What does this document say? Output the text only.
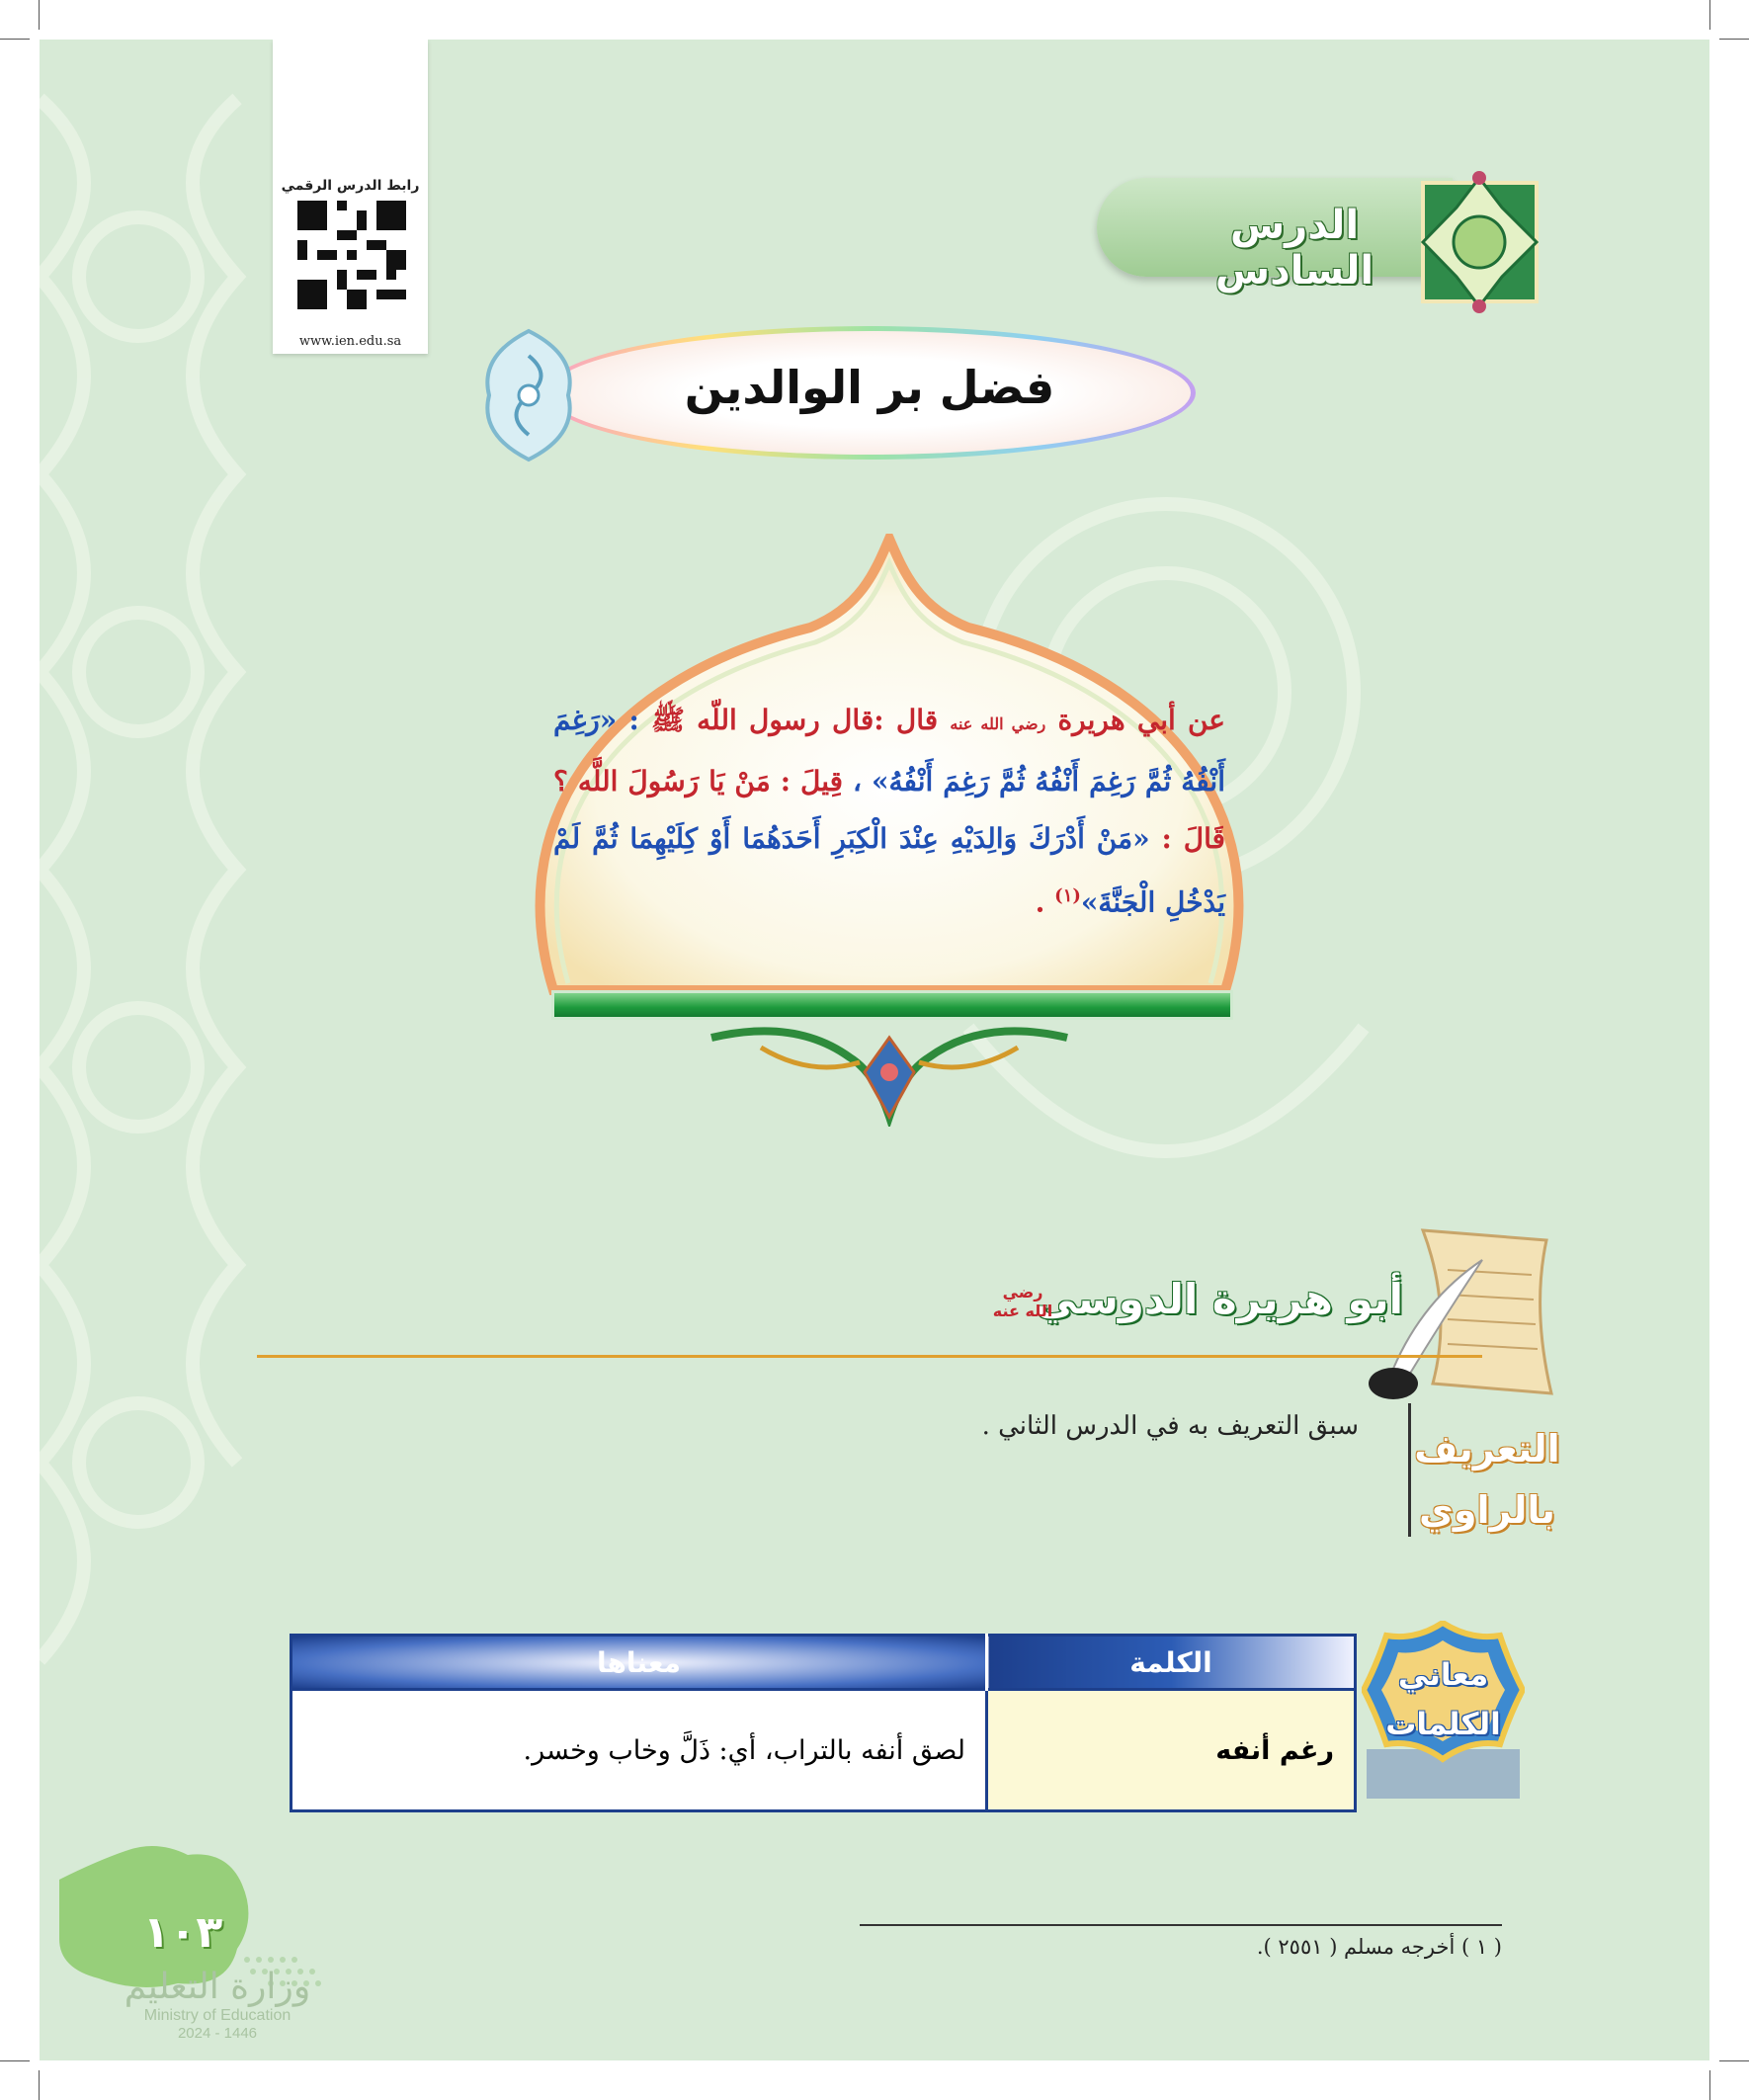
رابط الدرس الرقمي
www.ien.edu.sa
الدرس السادس
فضل بر الوالدين
عن أبي هريرة رضي الله عنه قال :قال رسول اللّه ﷺ : «رَغِمَ أَنْفُهُ ثُمَّ رَغِمَ أَنْفُهُ ثُمَّ رَغِمَ أَنْفُهُ» ، قِيلَ : مَنْ يَا رَسُولَ اللَّه ؟ قَالَ : «مَنْ أَدْرَكَ وَالِدَيْهِ عِنْدَ الْكِبَرِ أَحَدَهُمَا أَوْ كِلَيْهِمَا ثُمَّ لَمْ يَدْخُلِ الْجَنَّةَ»$^{(١)}$ .
التعريف
بالراوي
أبو هريرة الدوسي
رضي الله عنه
سبق التعريف به في الدرس الثاني .
معاني
الكلمات
الكلمة	معناها
رغم أنفه	لصق أنفه بالتراب، أي: ذَلَّ وخاب وخسر.
١٠٣
وزارة التعليم
Ministry of Education
2024 - 1446
( ١ ) أخرجه مسلم ( ٢٥٥١ ).
